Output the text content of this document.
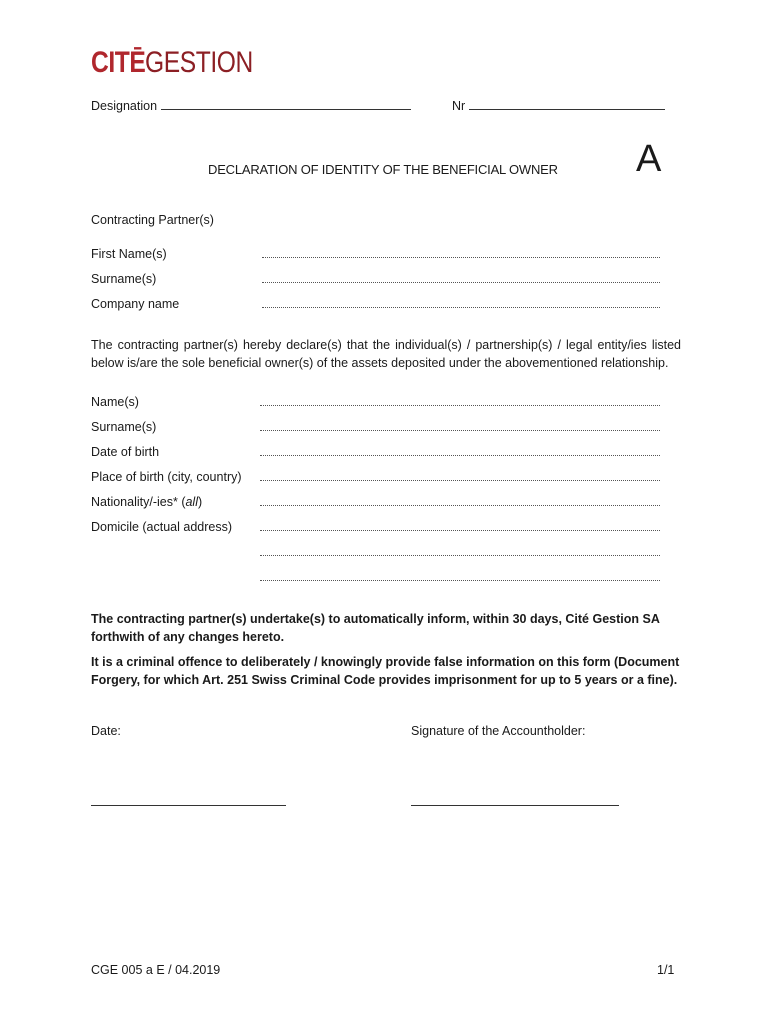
CITĒGESTION
Designation	Nr
DECLARATION OF IDENTITY OF THE BENEFICIAL OWNER A
Contracting Partner(s)
First Name(s)
Surname(s)
Company name
The contracting partner(s) hereby declare(s) that the individual(s) / partnership(s) / legal entity/ies listed below is/are the sole beneficial owner(s) of the assets deposited under the abovementioned relationship.
Name(s)
Surname(s)
Date of birth
Place of birth (city, country)
Nationality/-ies* (all)
Domicile (actual address)
The contracting partner(s) undertake(s) to automatically inform, within 30 days, Cité Gestion SA forthwith of any changes hereto.
It is a criminal offence to deliberately / knowingly provide false information on this form (Document Forgery, for which Art. 251 Swiss Criminal Code provides imprisonment for up to 5 years or a fine).
Date:	Signature of the Accountholder:
CGE 005 a E / 04.2019	1/1
